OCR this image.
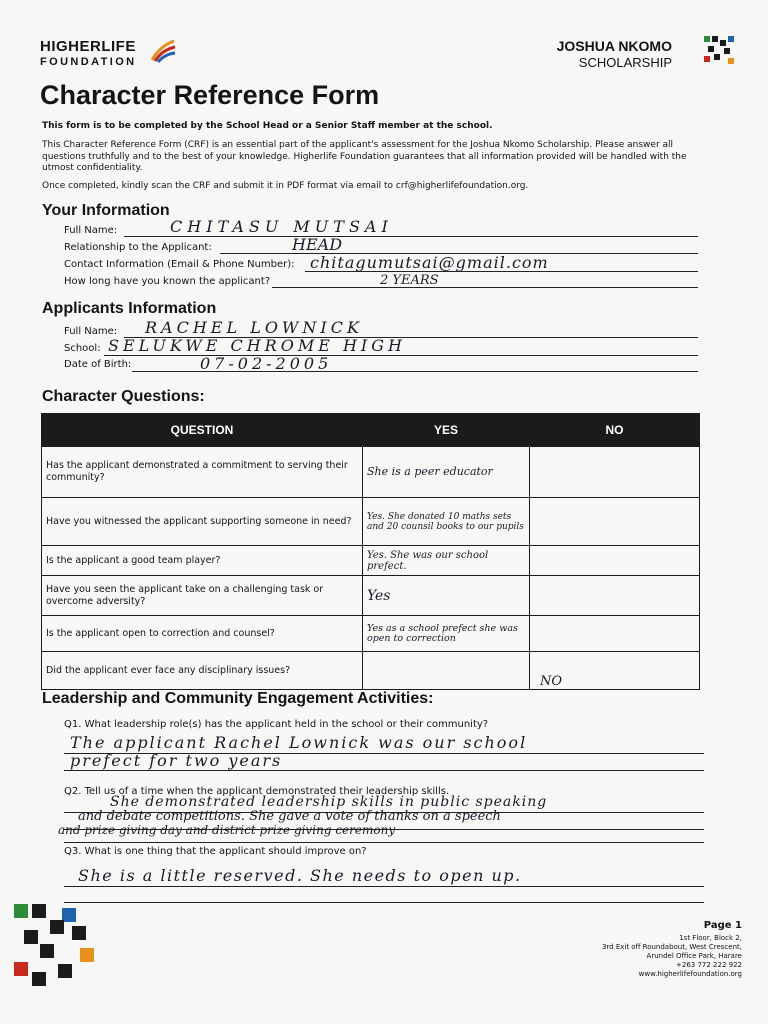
HIGHERLIFE
FOUNDATION
JOSHUA NKOMO
SCHOLARSHIP
Character Reference Form
This form is to be completed by the School Head or a Senior Staff member at the school.
This Character Reference Form (CRF) is an essential part of the applicant's assessment for the Joshua Nkomo Scholarship. Please answer all questions truthfully and to the best of your knowledge. Higherlife Foundation guarantees that all information provided will be handled with the utmost confidentiality.
Once completed, kindly scan the CRF and submit it in PDF format via email to crf@higherlifefoundation.org.
Your Information
Full Name:	CHITASU MUTSAI
Relationship to the Applicant:	HEAD
Contact Information (Email & Phone Number): chitagumutsai@gmail.com
How long have you known the applicant?	2 YEARS
Applicants Information
Full Name: RACHEL LOWNICK
School: SELUKWE CHROME HIGH
Date of Birth:	07-02-2005
Character Questions:
QUESTION	YES	NO
Has the applicant demonstrated a commitment to serving their community?	She is a peer educator	
Have you witnessed the applicant supporting someone in need?	Yes. She donated 10 maths sets and 20 counsil books to our pupils	
Is the applicant a good team player?	Yes. She was our school prefect.	
Have you seen the applicant take on a challenging task or overcome adversity?	Yes	
Is the applicant open to correction and counsel?	Yes as a school prefect she was open to correction	
Did the applicant ever face any disciplinary issues?		NO
Leadership and Community Engagement Activities:
Q1. What leadership role(s) has the applicant held in the school or their community?
The applicant Rachel Lownick was our school
prefect for two years
Q2. Tell us of a time when the applicant demonstrated their leadership skills.
She demonstrated leadership skills in public speaking
and debate competitions. She gave a vote of thanks on a speech
and prize giving day and district prize giving ceremony
Q3. What is one thing that the applicant should improve on?
She is a little reserved. She needs to open up.
Page 1
1st Floor, Block 2,
3rd Exit off Roundabout, West Crescent,
Arundel Office Park, Harare
+263 772 222 922
www.higherlifefoundation.org
